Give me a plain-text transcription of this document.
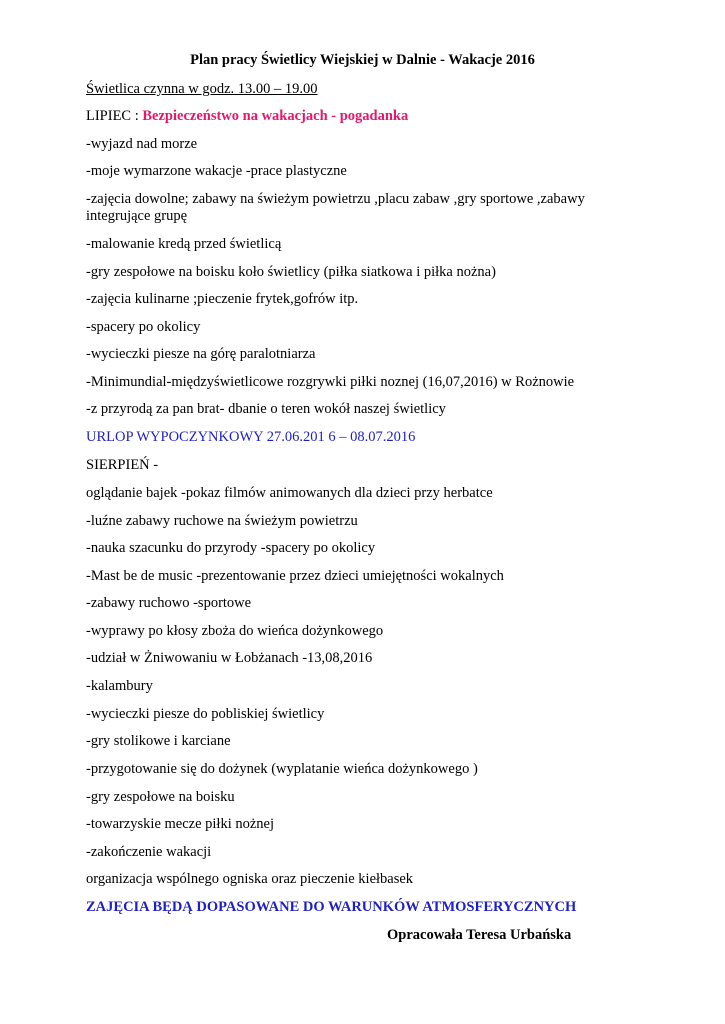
Plan pracy Świetlicy Wiejskiej w Dalnie - Wakacje 2016
Świetlica czynna w godz. 13.00 – 19.00
LIPIEC : Bezpieczeństwo na wakacjach - pogadanka
-wyjazd nad morze
-moje wymarzone wakacje -prace plastyczne
-zajęcia dowolne; zabawy na świeżym powietrzu ,placu zabaw ,gry sportowe ,zabawy
integrujące grupę
-malowanie kredą przed świetlicą
-gry zespołowe na boisku koło świetlicy (piłka siatkowa i piłka nożna)
-zajęcia kulinarne ;pieczenie frytek,gofrów itp.
-spacery po okolicy
-wycieczki piesze na górę paralotniarza
-Minimundial-międzyświetlicowe rozgrywki piłki noznej (16,07,2016) w Rożnowie
-z przyrodą za pan brat- dbanie o teren wokół naszej świetlicy
URLOP WYPOCZYNKOWY 27.06.201 6 – 08.07.2016
SIERPIEŃ -
oglądanie bajek -pokaz filmów animowanych dla dzieci przy herbatce
-luźne zabawy ruchowe na świeżym powietrzu
-nauka szacunku do przyrody -spacery po okolicy
-Mast be de music -prezentowanie przez dzieci umiejętności wokalnych
-zabawy ruchowo -sportowe
-wyprawy po kłosy zboża do wieńca dożynkowego
-udział w Żniwowaniu w Łobżanach -13,08,2016
-kalambury
-wycieczki piesze do pobliskiej świetlicy
-gry stolikowe i karciane
-przygotowanie się do dożynek (wyplatanie wieńca dożynkowego )
-gry zespołowe na boisku
-towarzyskie mecze piłki nożnej
-zakończenie wakacji
organizacja wspólnego ogniska oraz pieczenie kiełbasek
ZAJĘCIA BĘDĄ DOPASOWANE DO WARUNKÓW ATMOSFERYCZNYCH
Opracowała Teresa Urbańska
